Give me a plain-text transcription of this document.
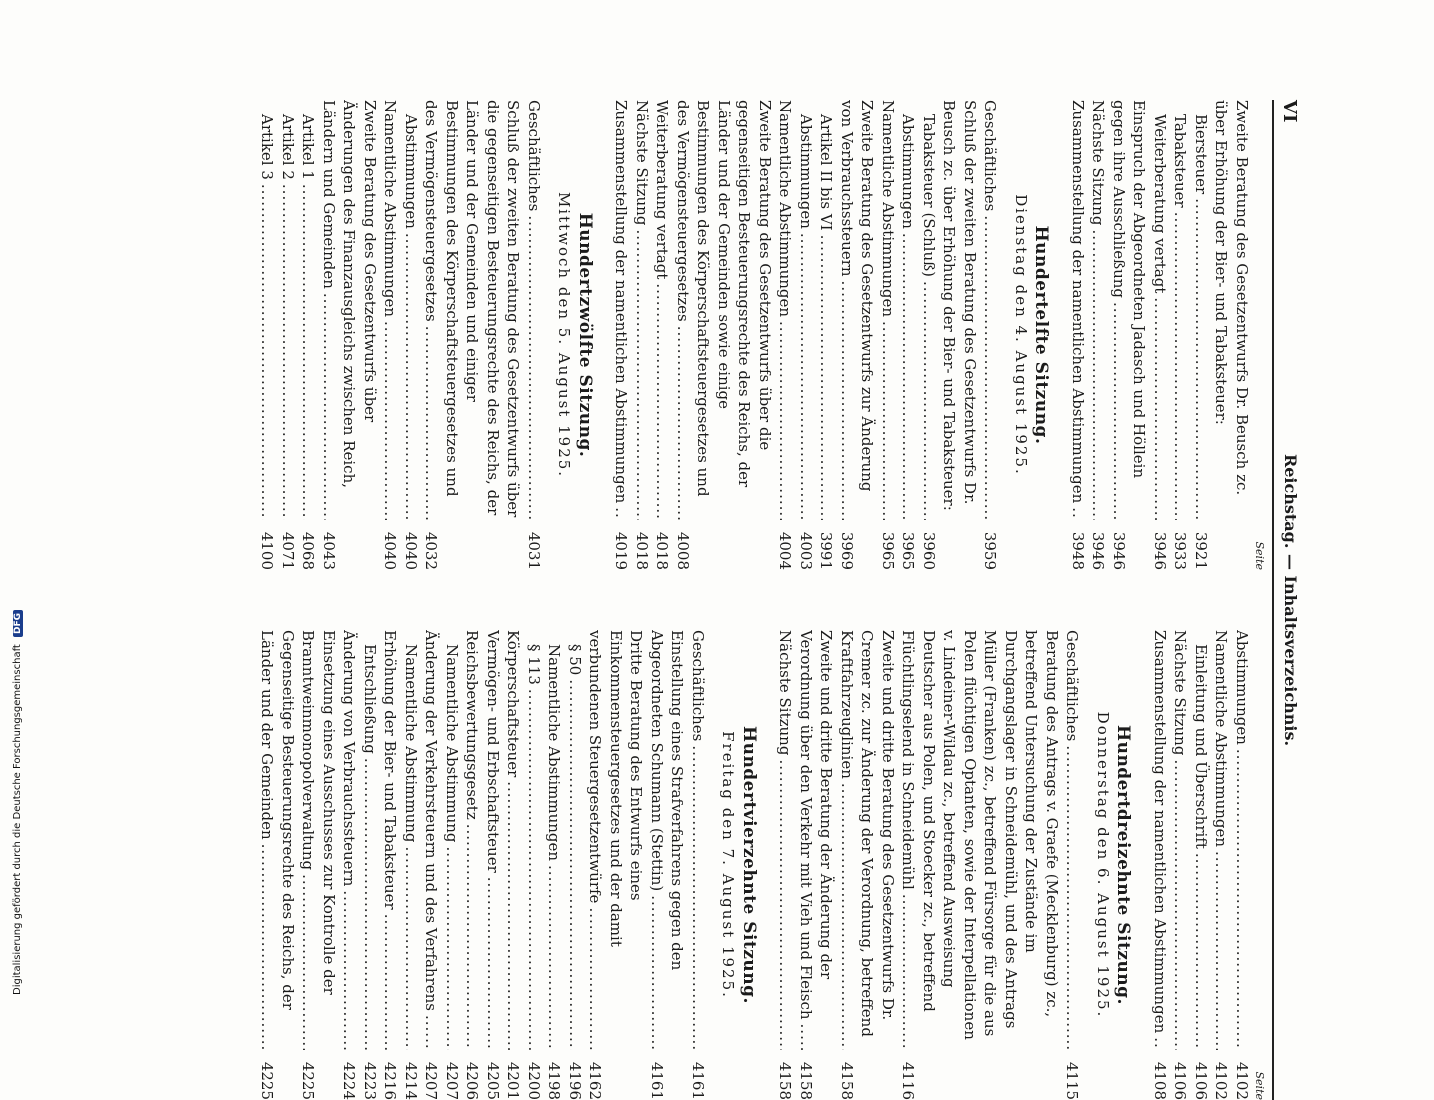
VI
Reichstag. — Inhaltsverzeichnis.
Seite
Zweite Beratung des Gesetzentwurfs Dr. Beusch zc. über Erhöhung der Bier- und Tabaksteuer:
Biersteuer .....
3921
Tabaksteuer .....
3933
Weiterberatung vertagt .....
3946
Einspruch der Abgeordneten Jadasch und Höllein gegen ihre Ausschließung .....
3946
Nächste Sitzung .....
3946
Zusammenstellung der namentlichen Abstimmungen .....
3948
Hundertelfte Sitzung.
Dienstag den 4. August 1925.
Geschäftliches .....
3959
Schluß der zweiten Beratung des Gesetzentwurfs Dr. Beusch zc. über Erhöhung der Bier- und Tabaksteuer:
Tabaksteuer (Schluß) .....
3960
Abstimmungen .....
3965
Namentliche Abstimmungen .....
3965
Zweite Beratung des Gesetzentwurfs zur Änderung von Verbrauchssteuern .....
3969
Artikel II bis VI .....
3991
Abstimmungen .....
4003
Namentliche Abstimmungen .....
4004
Zweite Beratung des Gesetzentwurfs über die gegenseitigen Besteuerungsrechte des Reichs, der Länder und der Gemeinden sowie einige Bestimmungen des Körperschaftsteuergesetzes und des Vermögensteuergesetzes .....
4008
Weiterberatung vertagt .....
4018
Nächste Sitzung .....
4018
Zusammenstellung der namentlichen Abstimmungen .....
4019
Hundertzwölfte Sitzung.
Mittwoch den 5. August 1925.
Geschäftliches .....
4031
Schluß der zweiten Beratung des Gesetzentwurfs über die gegenseitigen Besteuerungsrechte des Reichs, der Länder und der Gemeinden und einiger Bestimmungen des Körperschaftsteuergesetzes und des Vermögensteuergesetzes .....
4032
Abstimmungen .....
4040
Namentliche Abstimmungen .....
4040
Zweite Beratung des Gesetzentwurfs über Änderungen des Finanzausgleichs zwischen Reich, Ländern und Gemeinden .....
4043
Artikel 1 .....
4068
Artikel 2 .....
4071
Artikel 3 .....
4100
Seite
Abstimmungen .....
4102
Namentliche Abstimmungen .....
4102
Einleitung und Überschrift .....
4106
Nächste Sitzung .....
4106
Zusammenstellung der namentlichen Abstimmungen .....
4108
Hundertdreizehnte Sitzung.
Donnerstag den 6. August 1925.
Geschäftliches .....
4115
Beratung des Antrags v. Graefe (Mecklenburg) zc., betreffend Untersuchung der Zustände im Durchgangslager in Schneidemühl, und des Antrags Müller (Franken) zc., betreffend Fürsorge für die aus Polen flüchtigen Optanten, sowie der Interpellationen v. Lindeiner-Wildau zc., betreffend Ausweisung Deutscher aus Polen, und Stoecker zc., betreffend Flüchtlingselend in Schneidemühl .....
4116
Zweite und dritte Beratung des Gesetzentwurfs Dr. Cremer zc. zur Änderung der Verordnung, betreffend Kraftfahrzeuglinien .....
4158
Zweite und dritte Beratung der Änderung der Verordnung über den Verkehr mit Vieh und Fleisch .....
4158
Nächste Sitzung .....
4158
Hundertvierzehnte Sitzung.
Freitag den 7. August 1925.
Geschäftliches .....
4161
Einstellung eines Strafverfahrens gegen den Abgeordneten Schumann (Stettin) .....
4161
Dritte Beratung des Entwurfs eines Einkommensteuergesetzes und der damit verbundenen Steuergesetzentwürfe .....
4162
§ 50 .....
4196
Namentliche Abstimmungen .....
4198
§ 113 .....
4200
Körperschaftsteuer .....
4201
Vermögen- und Erbschaftsteuer .....
4205
Reichsbewertungsgesetz .....
4206
Namentliche Abstimmung .....
4207
Änderung der Verkehrsteuern und des Verfahrens .....
4207
Namentliche Abstimmung .....
4214
Erhöhung der Bier- und Tabaksteuer .....
4216
Entschließung .....
4223
Änderung von Verbrauchssteuern .....
4224
Einsetzung eines Ausschusses zur Kontrolle der Branntweinmonopolverwaltung .....
4225
Gegenseitige Besteuerungsrechte des Reichs, der Länder und der Gemeinden .....
4225
Digitalisierung gefördert durch die Deutsche Forschungsgemeinschaft DFG
